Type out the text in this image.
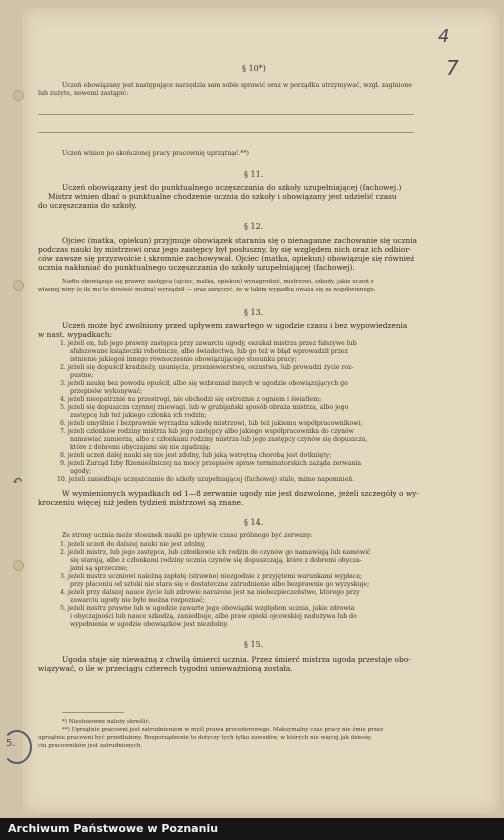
4
7
§ 10*)
Uczeń obowiązany jest następujące narzędzia sam sobie sprawić oraz w porządku utrzymywać, wzgl. zaginione
lub zużyte, nowemi zastąpić:
Uczeń winien po skończonej pracy pracownię uprzątnąć.**)
§ 11.
Uczeń obowiązany jest do punktualnego uczęszczania do szkoły uzupełniającej (fachowej.)
Mistrz winien dbać o punktualne chodzenie ucznia do szkoły i obowiązany jest udzielić czasu
do uczęszczania do szkoły.
§ 12.
Ojciec (matka, opiekun) przyjmuje obowiązek starania się o nienaganne zachowanie się ucznia
podczas nauki by mistrzowi oraz jego zastępcy był posłuszny, by się względem nich oraz ich odbior-
ców zawsze się przyzwoicie i skromnie zachowywał. Ojciec (matka, opiekun) obowiązuje się również
ucznia nakłaniać do punktualnego uczęszczania do szkoły uzupełniającej (fachowej).
Nadto obowiązuje się prawny zastępca (ojciec, matka, opiekun) wynagrodzić, mistrzowi, szkody, jakie uczeń z
własnej winy (o ile mu to dowieść można) wyrządził — oraz zaręczyć, że w takim wypadku uważa się za współwinnego.
§ 13.
Uczeń może być zwolniony przed upływem zawartego w ugodzie czasu i bez wypowiedzenia
w nast. wypadkach:
1. jeżeli on, lub jego prawny zastępca przy zawarciu ugody, oszukał mistrza przez fałszywe lub
sfałszowane książeczki robotnicze, albo świadectwa, lub go też w błąd wprowadził przez
istnienie jakiegoś innego równoczesnie obowiązującego stosunku pracy;
2. jeżeli się dopuścił kradzieży, usunięcia, przeniewierstwa, oszustwa, lub prowadzi życie roz-
pustne;
3. jeżeli naukę bez powodu opuścił, albo się wzbraniał innych w ugodzie obowiązujących go
przepisów wykonywać;
4. jeżeli nieopatrznie na przestrogi, nie obchodzi się ostrożnie z ogniem i światłem;
5. jeżeli się dopuszcza czynnej zniewagi, lub w grubijański sposób obraża mistrza, albo jego
zastępcę lub też jakiego członka ich rodzin;
6. jeżeli umyślnie i bezprawnie wyrządza szkodę mistrzowi, lub też jakiemu współpracownikowi;
7. jeżeli członków rodziny mistrza lub jego zastępcy albo jakiego współpracownika do czynów
namawiać zamierza, albo z członkami rodziny mistrza lub jego zastępcy czynów się dopuszcza,
które z dobremi obyczajami się nie zgadzają;
8. jeżeli uczeń dalej nauki się nie jest zdolny, lub jaką wstrętną chorobą jest dotknięty;
9. jeżeli Zarząd Izby Rzemieślniczej na mocy przepisów spraw terminatorskich zażąda zerwania
ugody;
10. jeżeli zaniedbuje uczęszczanie do szkoły uzupełniającej (fachowej) stale, mimo napomnień.
↶
W wymienionych wypadkach od 1—8 zerwanie ugody nie jest dozwolone, jeżeli szczegóły o wy-
kroczeniu więcej niż jeden tydzień mistrzowi są znane.
§ 14.
Ze strony ucznia może stosunek nauki po upływie czasu próbnego być zerwany:
1. jeżeli uczeń do dalszej nauki nie jest zdolny,
2. jeżeli mistrz, lub jego zastępca, lub członkowie ich rodzin do czynów go namawiają lub namówić
się starają, albo z członkami rodziny ucznia czynów się dopuszczają, które z dobremi obycza-
jami są sprzeczne;
3. jeżeli mistrz uczniowi należną zapłatę (strawne) niezgodnie z przyjętemi warunkami wypłaca;
przy płaceniu od sztuki nie stara się o dostateczne zatrudnienie albo bezprawnie go wyzyskuje;
4. jeżeli przy dalszej nauce życie lub zdrowie narażone jest na niebezpieczeństwo, którego przy
zawarciu ugody nie było można rozpoznać;
5. jeżeli mistrz prawne lub w ugodzie zawarte jego obowiązki względem ucznia, jakie zdrowia
i obyczajności lub nauce szkodzą, zaniedbuje, albo praw opieki ojcowskiej nadużywa lub do
wypełnienia w ugodzie obowiązków jest niezdolny.
§ 15.
Ugoda staje się nieważną z chwilą śmierci ucznia. Przez śmierć mistrza ugoda przestaje obo-
wiązywać, o ile w przeciągu czterech tygodni unieważnioną została.
*) Niestosowne należy skreślić.
**) Uprzątnie pracowni jest zatrudnieniem w myśl prawa procederowego. Maksymalny czas pracy nie śmie przez
uprzątnie pracowni być przedłużony. Rozporządzenie to dotyczy tych tylko zawodów, w których nie więcej jak dziesię-
ciu pracowników jest zatrudnionych.
5.
Archiwum Państwowe w Poznaniu
